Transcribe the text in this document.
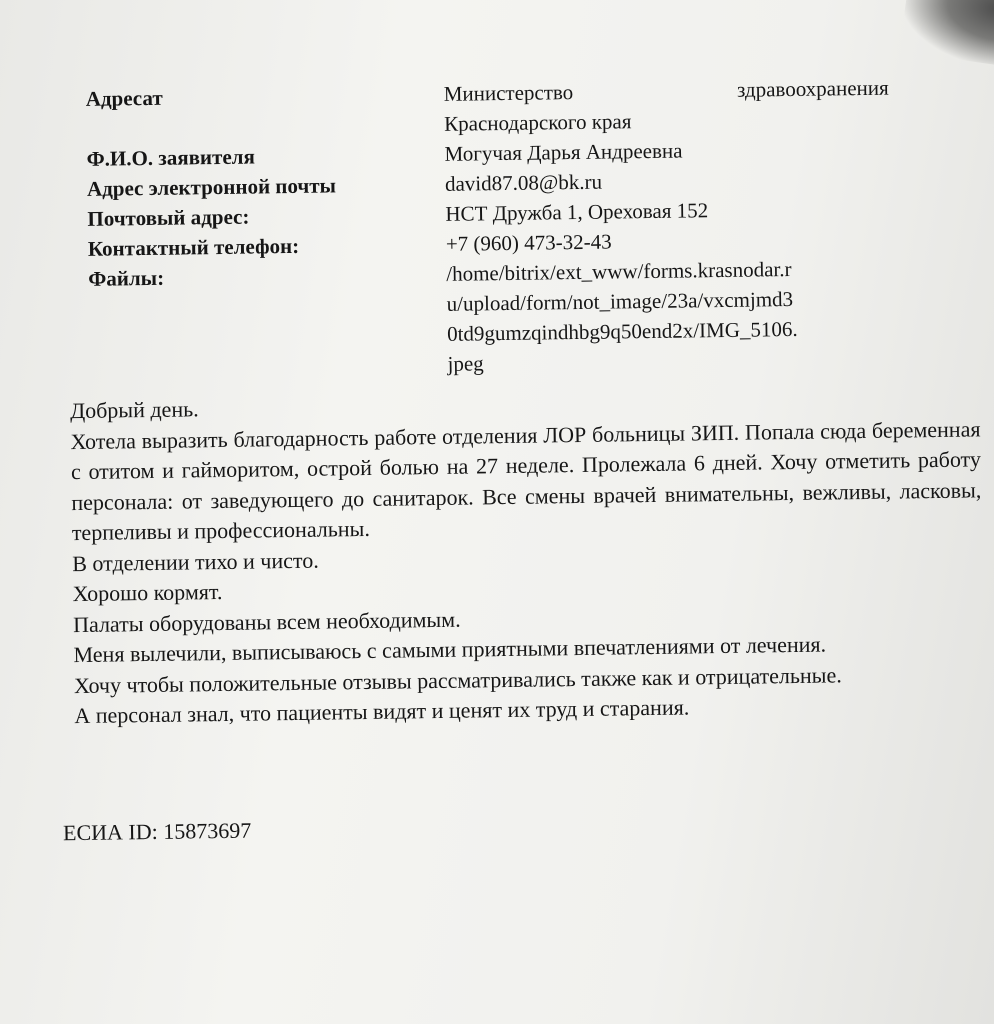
Адресат	Министерство	здравоохранения
Краснодарского края
Ф.И.О. заявителя	Могучая Дарья Андреевна
Адрес электронной почты	david87.08@bk.ru
Почтовый адрес:	НСТ Дружба 1, Ореховая 152
Контактный телефон:	+7 (960) 473-32-43
Файлы:	/home/bitrix/ext_www/forms.krasnodar.r
u/upload/form/not_image/23a/vxcmjmd3
0td9gumzqindhbg9q50end2x/IMG_5106.
jpeg

Добрый день.

Хотела выразить благодарность работе отделения ЛОР больницы ЗИП. Попала сюда беременная с отитом и гайморитом, острой болью на 27 неделе. Пролежала 6 дней. Хочу отметить работу персонала: от заведующего до санитарок. Все смены врачей внимательны, вежливы, ласковы, терпеливы и профессиональны.

В отделении тихо и чисто.

Хорошо кормят.

Палаты оборудованы всем необходимым.

Меня вылечили, выписываюсь с самыми приятными впечатлениями от лечения.

Хочу чтобы положительные отзывы рассматривались также как и отрицательные.

А персонал знал, что пациенты видят и ценят их труд и старания.

ЕСИА ID: 15873697
